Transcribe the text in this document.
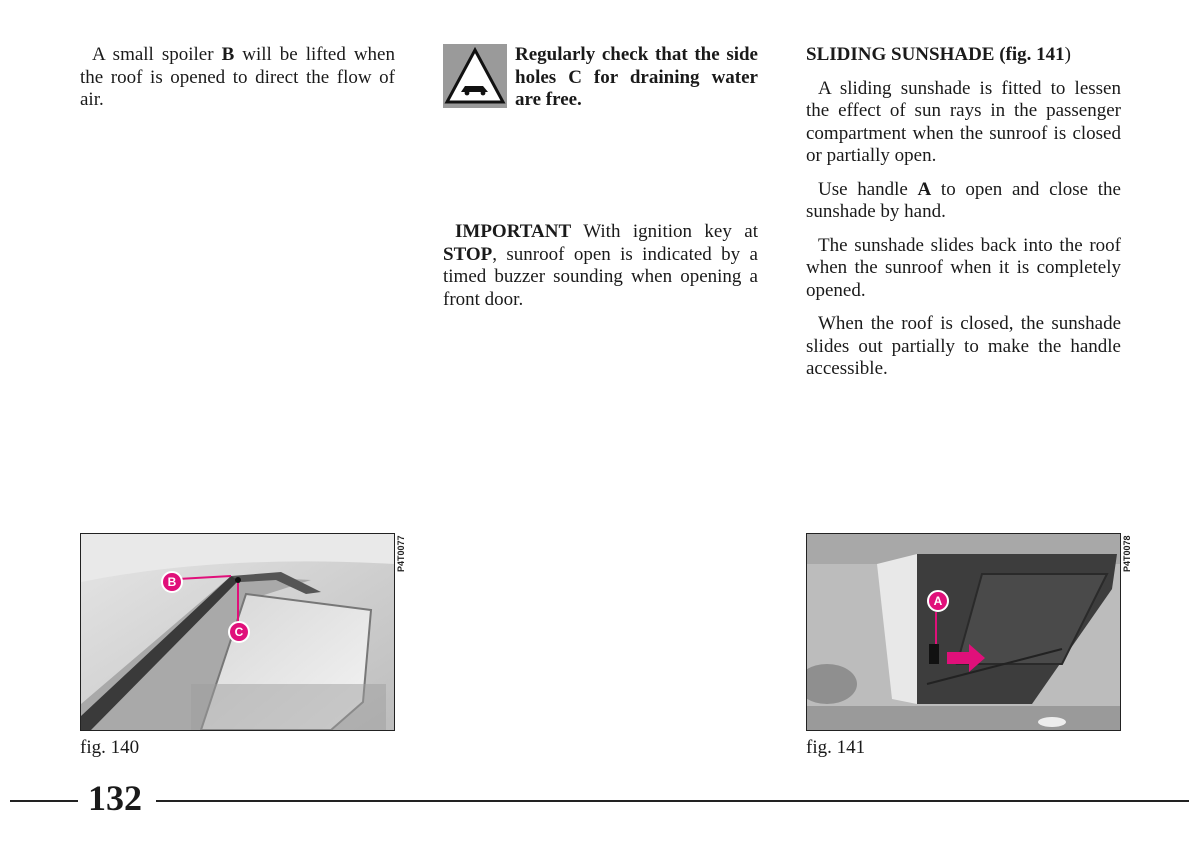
A small spoiler B will be lifted when the roof is opened to direct the flow of air.

Regularly check that the side holes C for draining water are free.

IMPORTANT With ignition key at STOP, sunroof open is indicated by a timed buzzer sounding when opening a front door.

SLIDING SUNSHADE (fig. 141)

A sliding sunshade is fitted to lessen the effect of sun rays in the passenger compartment when the sunroof is closed or partially open.

Use handle A to open and close the sunshade by hand.

The sunshade slides back into the roof when the sunroof when it is completely opened.

When the roof is closed, the sunshade slides out partially to make the handle accessible.

B
C
P4T0077
fig. 140
A
P4T0078
fig. 141
132
